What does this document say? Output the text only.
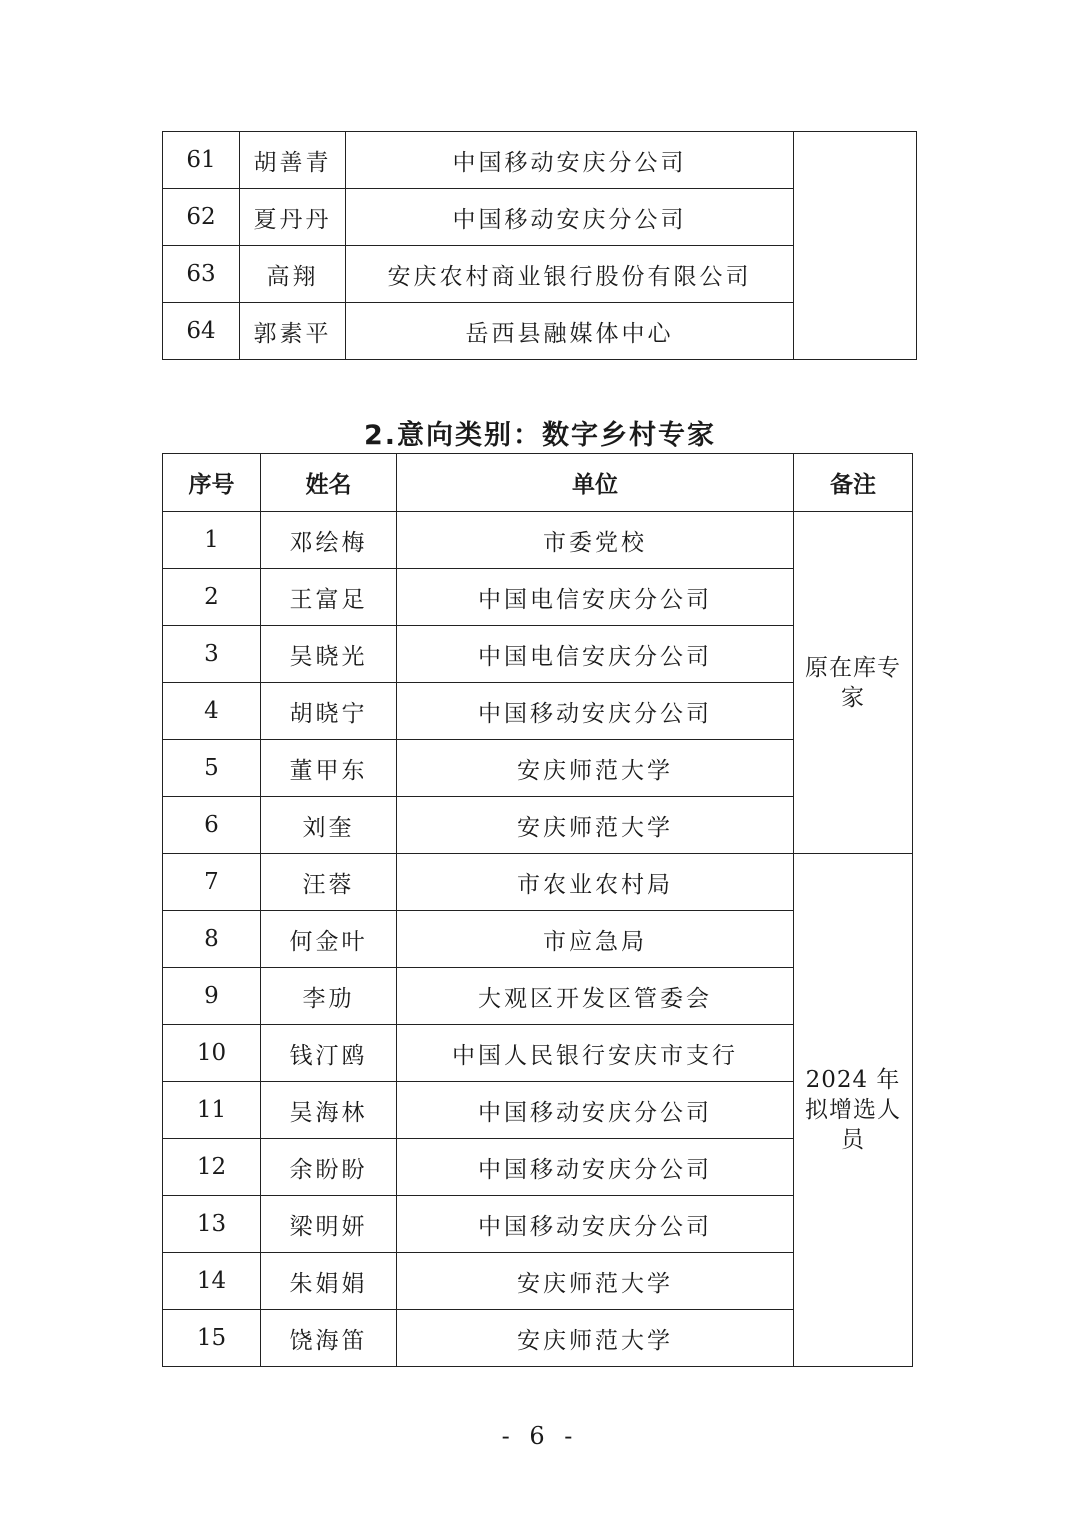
61	胡善青	中国移动安庆分公司	
62	夏丹丹	中国移动安庆分公司	
63	高翔	安庆农村商业银行股份有限公司	
64	郭素平	岳西县融媒体中心	
2.意向类别：数字乡村专家
序号	姓名	单位	备注
1	邓绘梅	市委党校	原在库专家
2	王富足	中国电信安庆分公司	
3	吴晓光	中国电信安庆分公司	
4	胡晓宁	中国移动安庆分公司	
5	董甲东	安庆师范大学	
6	刘奎	安庆师范大学	
7	汪蓉	市农业农村局	2024 年
拟增选人员

8	何金叶	市应急局	
9	李劢	大观区开发区管委会	
10	钱汀鸥	中国人民银行安庆市支行	
11	吴海林	中国移动安庆分公司	
12	余盼盼	中国移动安庆分公司	
13	梁明妍	中国移动安庆分公司	
14	朱娟娟	安庆师范大学	
15	饶海笛	安庆师范大学	
- 6 -
